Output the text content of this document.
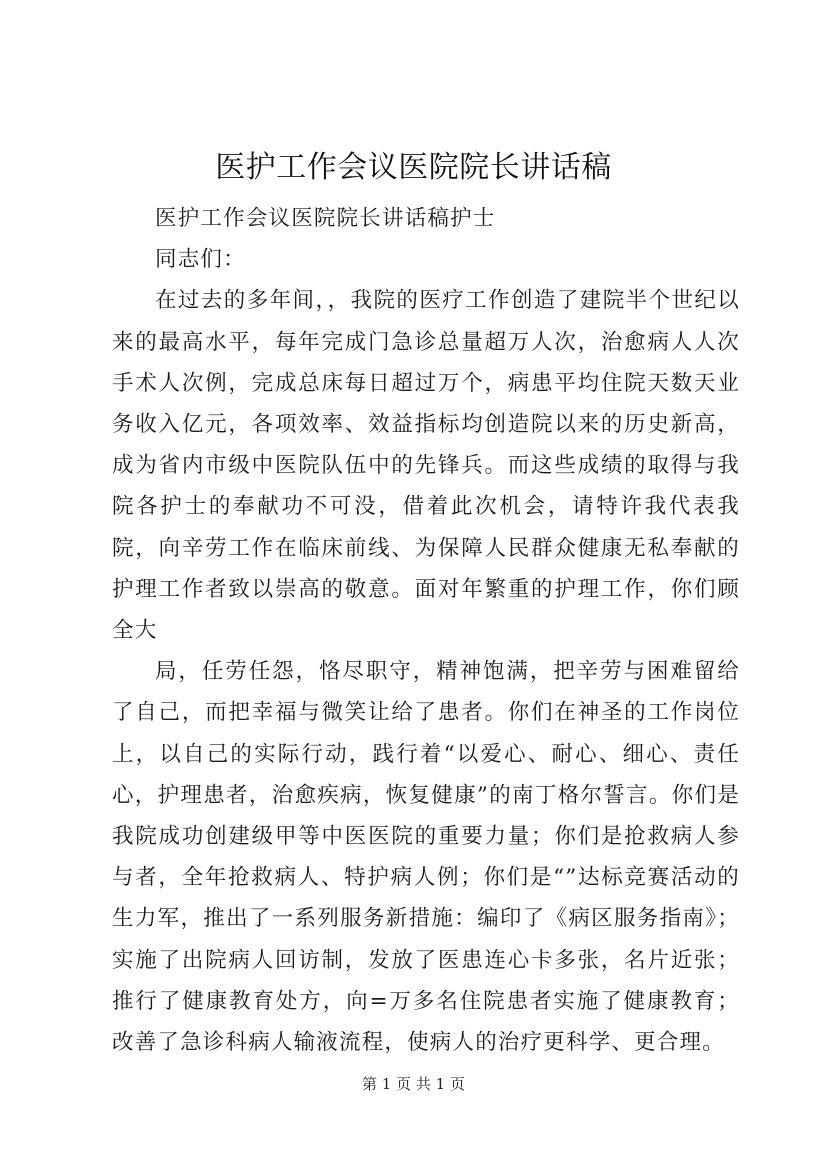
医护工作会议医院院长讲话稿

医护工作会议医院院长讲话稿护士

同志们：

在过去的多年间，，我院的医疗工作创造了建院半个世纪以来的最高水平，每年完成门急诊总量超万人次，治愈病人人次手术人次例，完成总床每日超过万个，病患平均住院天数天业务收入亿元，各项效率、效益指标均创造院以来的历史新高，成为省内市级中医院队伍中的先锋兵。而这些成绩的取得与我院各护士的奉献功不可没，借着此次机会，请特许我代表我院，向辛劳工作在临床前线、为保障人民群众健康无私奉献的护理工作者致以崇高的敬意。面对年繁重的护理工作，你们顾全大

局，任劳任怨，恪尽职守，精神饱满，把辛劳与困难留给了自己，而把幸福与微笑让给了患者。你们在神圣的工作岗位上，以自己的实际行动，践行着“以爱心、耐心、细心、责任心，护理患者，治愈疾病，恢复健康”的南丁格尔誓言。你们是我院成功创建级甲等中医医院的重要力量；你们是抢救病人参与者，全年抢救病人、特护病人例；你们是“”达标竞赛活动的生力军，推出了一系列服务新措施：编印了《病区服务指南》；实施了出院病人回访制，发放了医患连心卡多张，名片近张；推行了健康教育处方，向=万多名住院患者实施了健康教育；改善了急诊科病人输液流程，使病人的治疗更科学、更合理。

第 1 页 共 1 页
